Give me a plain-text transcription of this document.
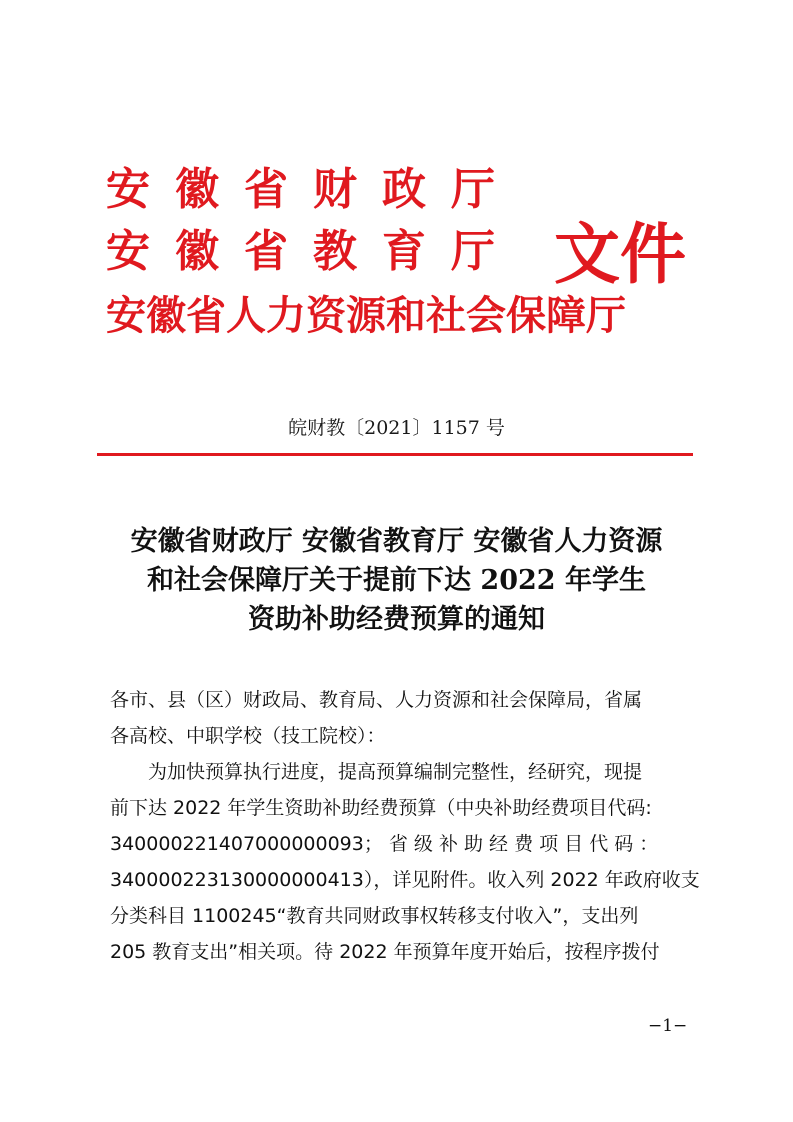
安徽省财政厅
安徽省教育厅
安徽省人力资源和社会保障厅
文件
皖财教〔2021〕1157 号
安徽省财政厅 安徽省教育厅 安徽省人力资源
和社会保障厅关于提前下达 2022 年学生
资助补助经费预算的通知
各市、县（区）财政局、教育局、人力资源和社会保障局，省属
各高校、中职学校（技工院校）：
为加快预算执行进度，提高预算编制完整性，经研究，现提
前下达 2022 年学生资助补助经费预算（中央补助经费项目代码:
340000221407000000093； 省 级 补 助 经 费 项 目 代 码 ：
340000223130000000413），详见附件。收入列 2022 年政府收支
分类科目 1100245“教育共同财政事权转移支付收入”，支出列
205 教育支出”相关项。待 2022 年预算年度开始后，按程序拨付
−1−
